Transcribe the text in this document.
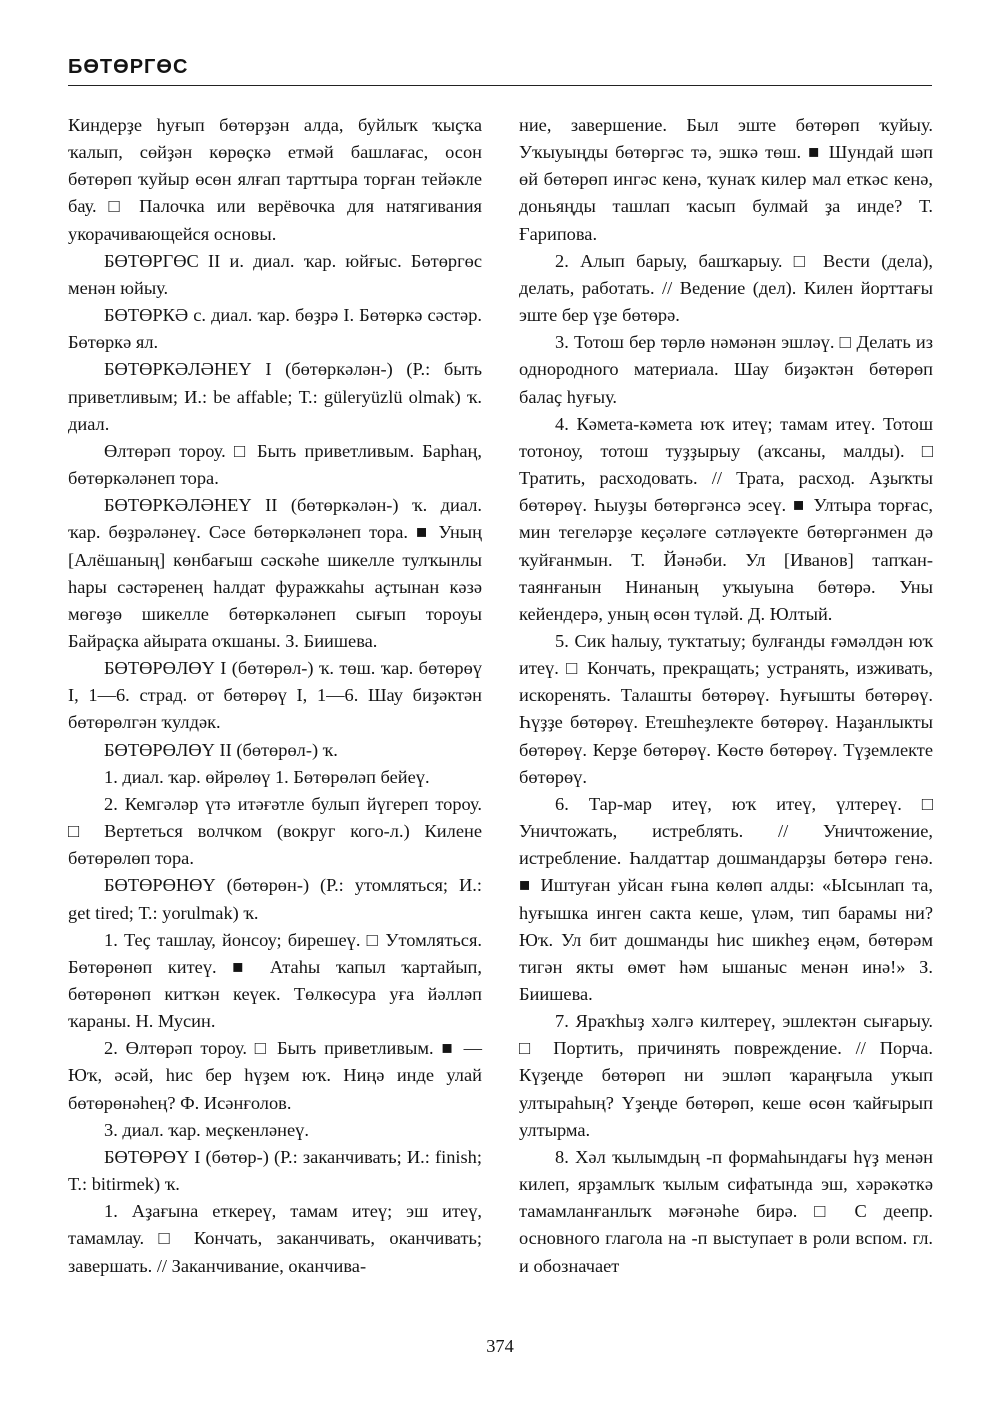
БӨТӨРГӨС

Киндерҙе һуғып бөтөрҙән алда, буйлыҡ ҡыҫҡа ҡалып, сөйҙән көрөҫкә етмәй башлағас, осон бөтөрөп ҡуйыр өсөн ялғап тарттыра торған тейәкле бау. □ Палочка или верёвочка для натягивания укорачивающейся основы.

БӨТӨРГӨС II и. диал. ҡар. юйғыс. Бөтөргөс менән юйыу.

БӨТӨРКӘ с. диал. ҡар. бөҙрә I. Бөтөркә сәстәр. Бөтөркә ял.

БӨТӨРКӘЛӘНЕҮ I (бөтөркәлән-) (Р.: быть приветливым; И.: be affable; Т.: güleryüzlü olmak) ҡ. диал.

Өлтөрәп тороу. □ Быть приветливым. Барһаң, бөтөркәләнеп тора.

БӨТӨРКӘЛӘНЕҮ II (бөтөркәлән-) ҡ. диал. ҡар. бөҙрәләнеү. Сәсе бөтөркәләнеп тора. ■ Уның [Алёшаның] көнбағыш сәскәһе шикелле тулҡынлы һары сәстәренең һалдат фуражкаһы аҫтынан кәзә мөгөҙө шикелле бөтөркәләнеп сығып тороуы Байраҫка айырата оҡшаны. З. Биишева.

БӨТӨРӨЛӨҮ I (бөтөрөл-) ҡ. төш. ҡар. бөтөрөү I, 1—6. страд. от бөтөрөү I, 1—6. Шау биҙәктән бөтөрөлгән ҡулдәк.

БӨТӨРӨЛӨҮ II (бөтөрөл-) ҡ.

1. диал. ҡар. өйрөлөү 1. Бөтөрөләп бейеү.

2. Кемгәләр үтә итәғәтле булып йүгереп тороу. □ Вертеться волчком (вокруг кого-л.) Килене бөтөрөлөп тора.

БӨТӨРӨНӨҮ (бөтөрөн-) (Р.: утомляться; И.: get tired; Т.: yorulmak) ҡ.

1. Теҫ ташлау, йонсоу; бирешеү. □ Утомляться. Бөтөрөнөп китеү. ■ Атаһы ҡапыл ҡартайып, бөтөрөнөп китҡән кеүек. Төлкөсура уға йәлләп ҡараны. Н. Мусин.

2. Өлтөрәп тороу. □ Быть приветливым. ■ — Юҡ, әсәй, һис бер һүҙем юҡ. Ниңә инде улай бөтөрөнәһең? Ф. Исәнғолов.

3. диал. ҡар. меҫкенләнеү.

БӨТӨРӨҮ I (бөтөр-) (Р.: заканчивать; И.: finish; Т.: bitirmek) ҡ.

1. Аҙағына еткереү, тамам итеү; эш итеү, тамамлау. □ Кончать, заканчивать, оканчивать; завершать. // Заканчивание, оканчива-

ние, завершение. Был эште бөтөрөп ҡуйыу. Уҡыуыңды бөтөргәс тә, эшкә төш. ■ Шундай шәп өй бөтөрөп ингәс кенә, ҡунаҡ килер мал еткәс кенә, доньяңды ташлап ҡасып булмай ҙа инде? Т. Ғарипова.

2. Алып барыу, башҡарыу. □ Вести (дела), делать, работать. // Ведение (дел). Килен йорттағы эште бер үҙе бөтөрә.

3. Тотош бер төрлө нәмәнән эшләү. □ Делать из однородного материала. Шау биҙәктән бөтөрөп балаҫ һуғыу.

4. Кәмета-кәмета юҡ итеү; тамам итеү. Тотош тотоноу, тотош туҙҙырыу (аҡсаны, малды). □ Тратить, расходовать. // Трата, расход. Аҙыҡты бөтөрөү. Һыуҙы бөтөргәнсә эсеү. ■ Ултыра торғас, мин тегеләрҙе кеҫәләге сәтләүекте бөтөргәнмен дә ҡуйғанмын. Т. Йәнәби. Ул [Иванов] тапҡан-таянғанын Нинаның уҡыуына бөтөрә. Уны кейендерә, уның өсөн түләй. Д. Юлтый.

5. Сик һалыу, туҡтатыу; булғанды ғәмәлдән юҡ итеү. □ Кончать, прекращать; устранять, изживать, искоренять. Талашты бөтөрөү. Һуғышты бөтөрөү. Һүҙҙе бөтөрөү. Етешһеҙлекте бөтөрөү. Наҙанлыкты бөтөрөү. Керҙе бөтөрөү. Көстө бөтөрөү. Түҙемлекте бөтөрөү.

6. Тар-мар итеү, юҡ итеү, үлтереү. □ Уничтожать, истреблять. // Уничтожение, истребление. Һалдаттар дошмандарҙы бөтөрә генә. ■ Иштуған уйсан ғына көлөп алды: «Ысынлап та, һуғышка инген сакта кеше, үләм, тип барамы ни? Юҡ. Ул бит дошманды һис шикһеҙ еңәм, бөтөрәм тигән якты өмөт һәм ышаныс менән инә!» З. Биишева.

7. Яраҡһыҙ хәлгә килтереү, эшлектән сығарыу. □ Портить, причинять повреждение. // Порча. Күҙеңде бөтөрөп ни эшләп ҡараңғыла уҡып ултыраһың? Үҙеңде бөтөрөп, кеше өсөн ҡайғырып ултырма.

8. Хәл ҡылымдың -п формаһындағы һүҙ менән килеп, ярҙамлыҡ ҡылым сифатында эш, хәрәкәткә тамамланғанлыҡ мәғәнәһе бирә. □ С деепр. основного глагола на -п выступает в роли вспом. гл. и обозначает

374
